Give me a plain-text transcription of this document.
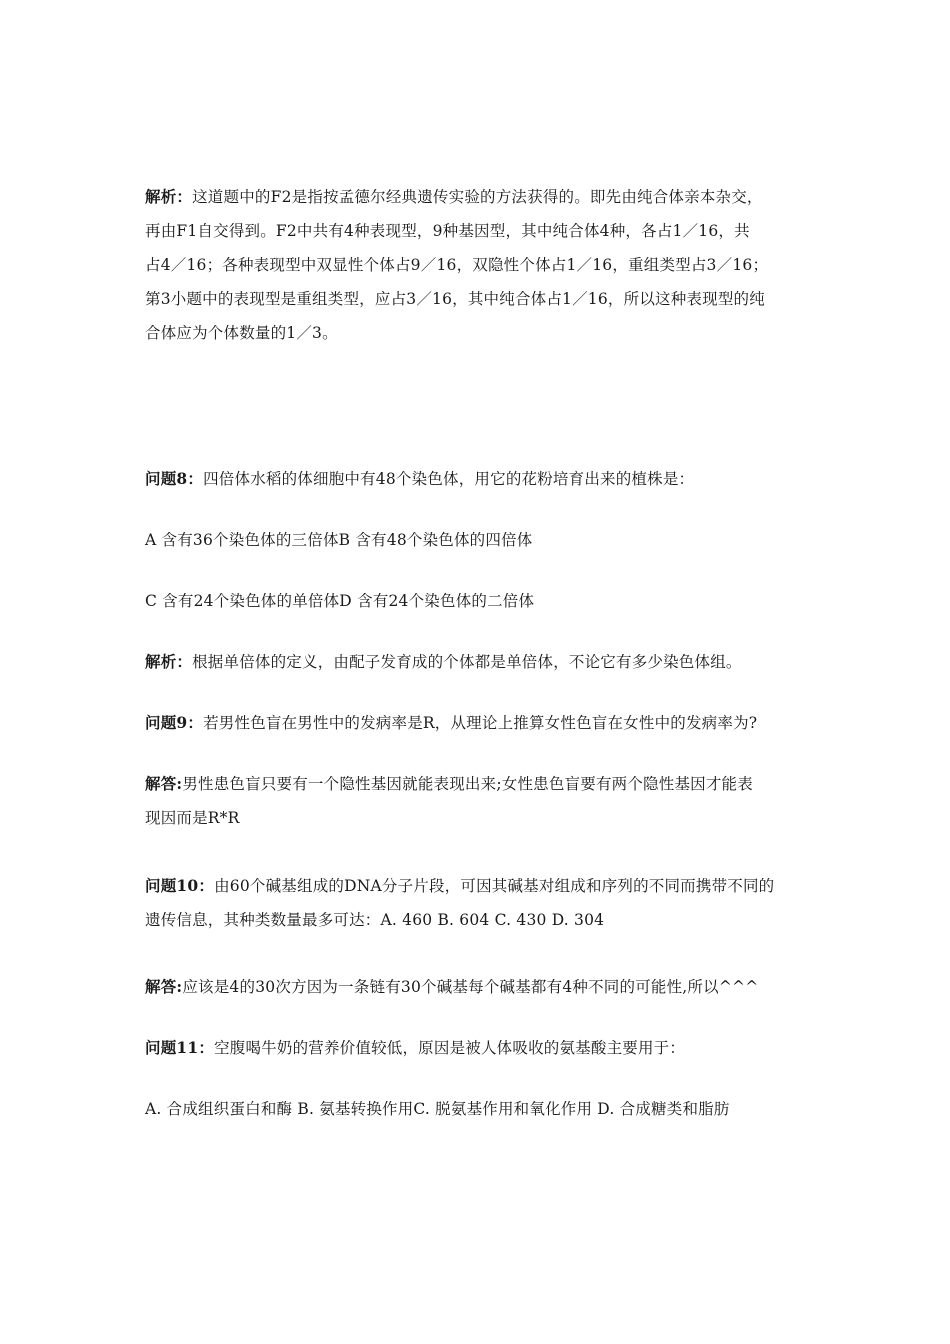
解析：这道题中的F2是指按孟德尔经典遗传实验的方法获得的。即先由纯合体亲本杂交，
再由F1自交得到。F2中共有4种表现型，9种基因型，其中纯合体4种，各占1／16，共
占4／16；各种表现型中双显性个体占9／16，双隐性个体占1／16，重组类型占3／16；
第3小题中的表现型是重组类型，应占3／16，其中纯合体占1／16，所以这种表现型的纯
合体应为个体数量的1／3。
问题8：四倍体水稻的体细胞中有48个染色体，用它的花粉培育出来的植株是：
A 含有36个染色体的三倍体B 含有48个染色体的四倍体
C 含有24个染色体的单倍体D 含有24个染色体的二倍体
解析：根据单倍体的定义，由配子发育成的个体都是单倍体，不论它有多少染色体组。
问题9：若男性色盲在男性中的发病率是R，从理论上推算女性色盲在女性中的发病率为?
解答:男性患色盲只要有一个隐性基因就能表现出来;女性患色盲要有两个隐性基因才能表
现因而是R*R
问题10：由60个碱基组成的DNA分子片段，可因其碱基对组成和序列的不同而携带不同的
遗传信息，其种类数量最多可达：A. 460 B. 604 C. 430 D. 304
解答:应该是4的30次方因为一条链有30个碱基每个碱基都有4种不同的可能性,所以^^^
问题11：空腹喝牛奶的营养价值较低，原因是被人体吸收的氨基酸主要用于：
A. 合成组织蛋白和酶 B. 氨基转换作用C. 脱氨基作用和氧化作用 D. 合成糖类和脂肪
